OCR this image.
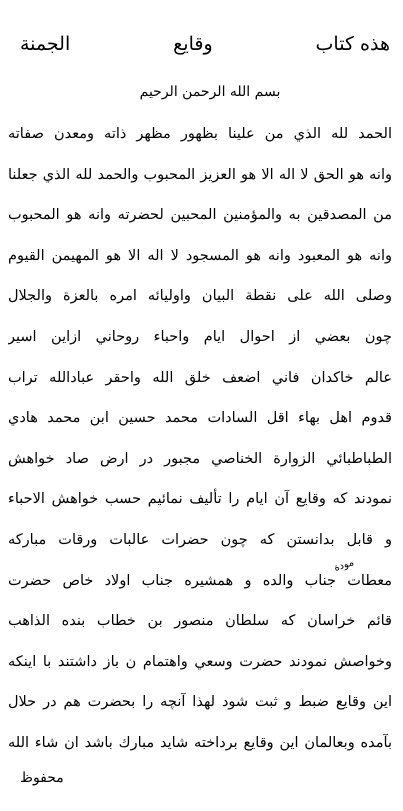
هذه كتاب
وقايع
الجمنة
بسم الله الرحمن الرحيم
الحمد لله الذي من علينا بظهور مظهر ذاته ومعدن صفاته
وانه هو الحق لا اله الا هو العزيز المحبوب والحمد لله الذي جعلنا
من المصدقين به والمؤمنين المحبين لحضرته وانه هو المحبوب
وانه هو المعبود وانه هو المسجود لا اله الا هو المهيمن القيوم
وصلى الله على نقطة البيان واوليائه امره بالعزة والجلال
چون بعضي از احوال ايام واحباء روحاني ازاين اسير
عالم خاكدان فاني اضعف خلق الله واحقر عبادالله تراب
قدوم اهل بهاء اقل السادات محمد حسين ابن محمد هادي
الطباطبائي الزوارة الخناصي مجبور در ارض صاد خواهش
نمودند كه وقايع آن ايام را تأليف نمائيم حسب خواهش الاحباء
و قابل بدانستن كه چون حضرات عالبات ورقات مباركه
معطات جناب والده و همشيره جناب اولاد خاص حضرت
قائم خراسان كه سلطان منصور بن خطاب بنده الذاهب
وخواصش نمودند حضرت وسعي واهتمام ن باز داشتند با اينكه
اين وقايع ضبط و ثبت شود لهذا آنچه را بحضرت هم در حلال
بآمده وبعالمان اين وقايع برداخته شايد مبارك باشد ان شاء الله
مودة
محفوظ
